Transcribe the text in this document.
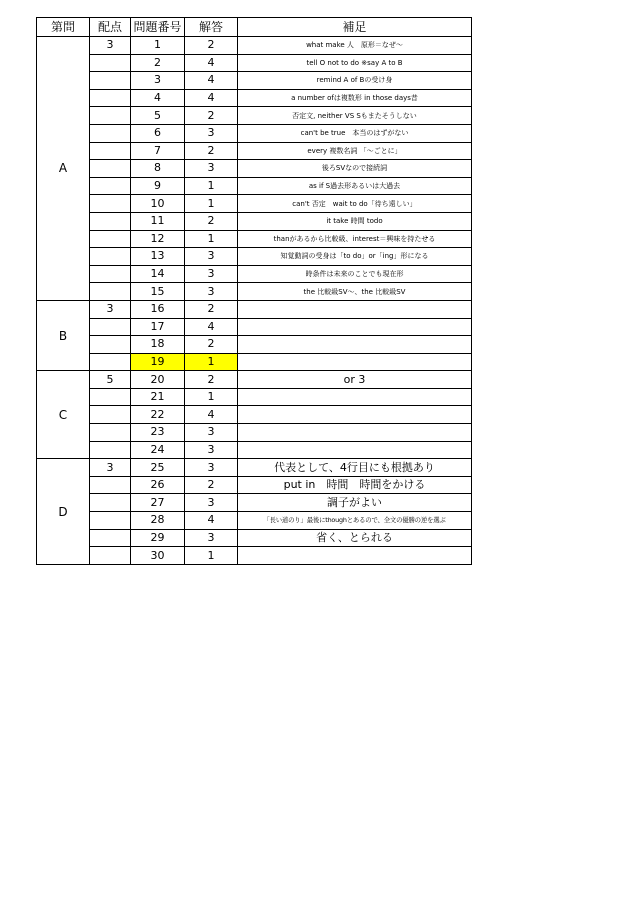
第問	配点	問題番号	解答	補足
A	3	1	2	what make 人　原形＝なぜ～
		2	4	tell O not to do ※say A to B
		3	4	remind A of Bの受け身
		4	4	a number ofは複数形 in those days昔
		5	2	否定文, neither VS Sもまたそうしない
		6	3	can't be true　本当のはずがない
		7	2	every 複数名詞 「～ごとに」
		8	3	後ろSVなので接続詞
		9	1	as if S過去形あるいは大過去
		10	1	can't 否定　wait to do「待ち遠しい」
		11	2	it take 時間 todo
		12	1	thanがあるから比較級、interest＝興味を持たせる
		13	3	知覚動詞の受身は「to do」or「ing」形になる
		14	3	時条件は未来のことでも現在形
		15	3	the 比較級SV～、the 比較級SV
B	3	16	2	
		17	4	
		18	2	
		19	1	
C	5	20	2	or 3
		21	1	
		22	4	
		23	3	
		24	3	
D	3	25	3	代表として、4行目にも根拠あり
		26	2	put in　時間　時間をかける
		27	3	調子がよい
		28	4	「長い道のり」最後にthoughとあるので、全文の優勝の逆を選ぶ
		29	3	省く、とられる
		30	1	
